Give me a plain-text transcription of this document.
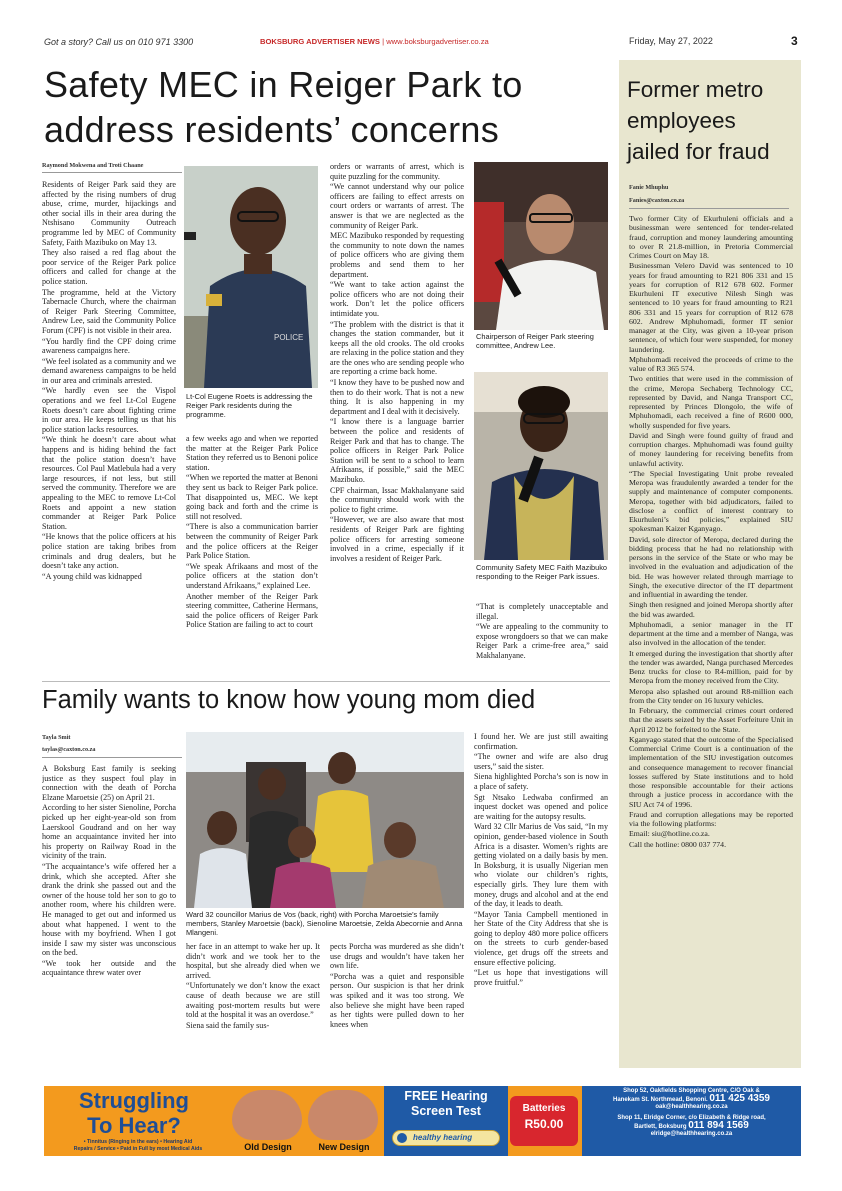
Got a story? Call us on 010 971 3300	BOKSBURG ADVERTISER NEWS | www.boksburgadvertiser.co.za	Friday, May 27, 2022	3
Safety MEC in Reiger Park to
address residents’ concerns
Raymond Mokwena and Troti Chaane

Residents of Reiger Park said they are affected by the rising numbers of drug abuse, crime, murder, hijackings and other social ills in their area during the Ntshisano Community Outreach programme led by MEC of Community Safety, Faith Mazibuko on May 13.

They also raised a red flag about the poor service of the Reiger Park police officers and called for change at the police station.

The programme, held at the Victory Tabernacle Church, where the chairman of Reiger Park Steering Committee, Andrew Lee, said the Community Police Forum (CPF) is not visible in their area.

“You hardly find the CPF doing crime awareness campaigns here.

“We feel isolated as a community and we demand awareness campaigns to be held in our area and criminals arrested.

“We hardly even see the Vispol operations and we feel Lt-Col Eugene Roets doesn’t care about fighting crime in our area. He keeps telling us that his police station lacks resources.

“We think he doesn’t care about what happens and is hiding behind the fact that the police station doesn’t have resources. Col Paul Matlebula had a very large resources, if not less, but still served the community. Therefore we are appealing to the MEC to remove Lt-Col Roets and appoint a new station commander at Reiger Park Police Station.

“He knows that the police officers at his police station are taking bribes from criminals and drug dealers, but he doesn’t take any action.

“A young child was kidnapped

POLICE
Lt-Col Eugene Roets is addressing the Reiger Park residents during the programme.

a few weeks ago and when we reported the matter at the Reiger Park Police Station they referred us to Benoni police station.

“When we reported the matter at Benoni they sent us back to Reiger Park police. That disappointed us, MEC. We kept going back and forth and the crime is still not resolved.

“There is also a communication barrier between the community of Reiger Park and the police officers at the Reiger Park Police Station.

“We speak Afrikaans and most of the police officers at the station don’t understand Afrikaans,” explained Lee.

Another member of the Reiger Park steering committee, Catherine Hermans, said the police officers of Reiger Park Police Station are failing to act to court

orders or warrants of arrest, which is quite puzzling for the community.

“We cannot understand why our police officers are failing to effect arrests on court orders or warrants of arrest. The answer is that we are neglected as the community of Reiger Park.

MEC Mazibuko responded by requesting the community to note down the names of police officers who are giving them problems and send them to her department.

“We want to take action against the police officers who are not doing their work. Don’t let the police officers intimidate you.

“The problem with the district is that it changes the station commander, but it keeps all the old crooks. The old crooks are relaxing in the police station and they are the ones who are sending people who are reporting a crime back home.

“I know they have to be pushed now and then to do their work. That is not a new thing. It is also happening in my department and I deal with it decisively.

“I know there is a language barrier between the police and residents of Reiger Park and that has to change. The police officers in Reiger Park Police Station will be sent to a school to learn Afrikaans, if possible,” said the MEC Mazibuko.

CPF chairman, Issac Makhalanyane said the community should work with the police to fight crime.

“However, we are also aware that most residents of Reiger Park are fighting police officers for arresting someone involved in a crime, especially if it involves a resident of Reiger Park.

Chairperson of Reiger Park steering committee, Andrew Lee.
Community Safety MEC Faith Mazibuko responding to the Reiger Park issues.

“That is completely unacceptable and illegal.

“We are appealing to the community to expose wrongdoers so that we can make Reiger Park a crime-free area,” said Makhalanyane.

Family wants to know how young mom died
Tayla Smit
taylas@caxton.co.za

A Boksburg East family is seeking justice as they suspect foul play in connection with the death of Porcha Elzane Maroetsie (25) on April 21.

According to her sister Sienoline, Porcha picked up her eight-year-old son from Laerskool Goudrand and on her way home an acquaintance invited her into his property on Railway Road in the vicinity of the train.

“The acquaintance’s wife offered her a drink, which she accepted. After she drank the drink she passed out and the owner of the house told her son to go to another room, where his children were. He managed to get out and informed us about what happened. I went to the house with my boyfriend. When I got inside I saw my sister was unconscious on the bed.

“We took her outside and the acquaintance threw water over

Ward 32 councillor Marius de Vos (back, right) with Porcha Maroetsie’s family members, Stanley Maroetsie (back), Sienoline Maroetsie, Zelda Abecornie and Anna Mlangeni.

her face in an attempt to wake her up. It didn’t work and we took her to the hospital, but she already died when we arrived.

“Unfortunately we don’t know the exact cause of death because we are still awaiting post-mortem results but were told at the hospital it was an overdose.”

Siena said the family sus-

pects Porcha was murdered as she didn’t use drugs and wouldn’t have taken her own life.

“Porcha was a quiet and responsible person. Our suspicion is that her drink was spiked and it was too strong. We also believe she might have been raped as her tights were pulled down to her knees when

I found her. We are just still awaiting confirmation.

“The owner and wife are also drug users,” said the sister.

Siena highlighted Porcha’s son is now in a place of safety.

Sgt Ntsako Ledwaba confirmed an inquest docket was opened and police are waiting for the autopsy results.

Ward 32 Cllr Marius de Vos said, “In my opinion, gender-based violence in South Africa is a disaster. Women’s rights are getting violated on a daily basis by men. In Boksburg, it is usually Nigerian men who violate our children’s rights, especially girls. They lure them with money, drugs and alcohol and at the end of the day, it leads to death.

“Mayor Tania Campbell mentioned in her State of the City Address that she is going to deploy 480 more police officers on the streets to curb gender-based violence, get drugs off the streets and ensure effective policing.

“Let us hope that investigations will prove fruitful.”

Former metro
employees
jailed for fraud
Fanie Mhuphu
Fanies@caxton.co.za

Two former City of Ekurhuleni officials and a businessman were sentenced for tender-related fraud, corruption and money laundering amounting to over R 21.8-million, in Pretoria Commercial Crimes Court on May 18.

Businessman Velero David was sentenced to 10 years for fraud amounting to R21 806 331 and 15 years for corruption of R12 678 602. Former Ekurhuleni IT executive Nilesh Singh was sentenced to 10 years for fraud amounting to R21 806 331 and 15 years for corruption of R12 678 602. Andrew Mphuhomadi, former IT senior manager at the City, was given a 10-year prison sentence, of which four were suspended, for money laundering.

Mphuhomadi received the proceeds of crime to the value of R3 365 574.

Two entities that were used in the commission of the crime, Meropa Sechaberg Technology CC, represented by David, and Nanga Transport CC, represented by Princes Dlongolo, the wife of Mphuhomadi, each received a fine of R600 000, wholly suspended for five years.

David and Singh were found guilty of fraud and corruption charges. Mphuhomadi was found guilty of money laundering for receiving benefits from unlawful activity.

“The Special Investigating Unit probe revealed Meropa was fraudulently awarded a tender for the supply and maintenance of computer components. Meropa, together with bid adjudicators, failed to disclose a conflict of interest contrary to Ekurhuleni’s bid policies,” explained SIU spokesman Kaizer Kganyago.

David, sole director of Meropa, declared during the bidding process that he had no relationship with persons in the service of the State or who may be involved in the evaluation and adjudication of the bid. He was however related through marriage to Singh, the executive director of the IT department and influential in awarding the tender.

Singh then resigned and joined Meropa shortly after the bid was awarded.

Mphuhomadi, a senior manager in the IT department at the time and a member of Nanga, was also involved in the allocation of the tender.

It emerged during the investigation that shortly after the tender was awarded, Nanga purchased Mercedes Benz trucks for close to R4-million, paid for by Meropa from the money received from the City.

Meropa also splashed out around R8-million each from the City tender on 16 luxury vehicles.

In February, the commercial crimes court ordered that the assets seized by the Asset Forfeiture Unit in April 2012 be forfeited to the State.

Kganyago stated that the outcome of the Specialised Commercial Crime Court is a continuation of the implementation of the SIU investigation outcomes and consequence management to recover financial losses suffered by State institutions and to hold those responsible accountable for their actions through a justice process in accordance with the SIU Act 74 of 1996.

Fraud and corruption allegations may be reported via the following platforms:

Email: siu@hotline.co.za.

Call the hotline: 0800 037 774.

Struggling
To Hear?
• Tinnitus (Ringing in the ears) • Hearing Aid
Repairs / Service • Paid in Full by most Medical Aids	Old Design	New Design
FREE Hearing
Screen Test
healthy hearing
Batteries
R50.00
Shop 52, Oakfields Shopping Centre, C/O Oak &
Hanekam St. Northmead, Benoni. 011 425 4359
oak@healthhearing.co.za
Shop 11, Elridge Corner, c/o Elizabeth & Ridge road,
Bartlett, Boksburg 011 894 1569
elridge@healthhearing.co.za
